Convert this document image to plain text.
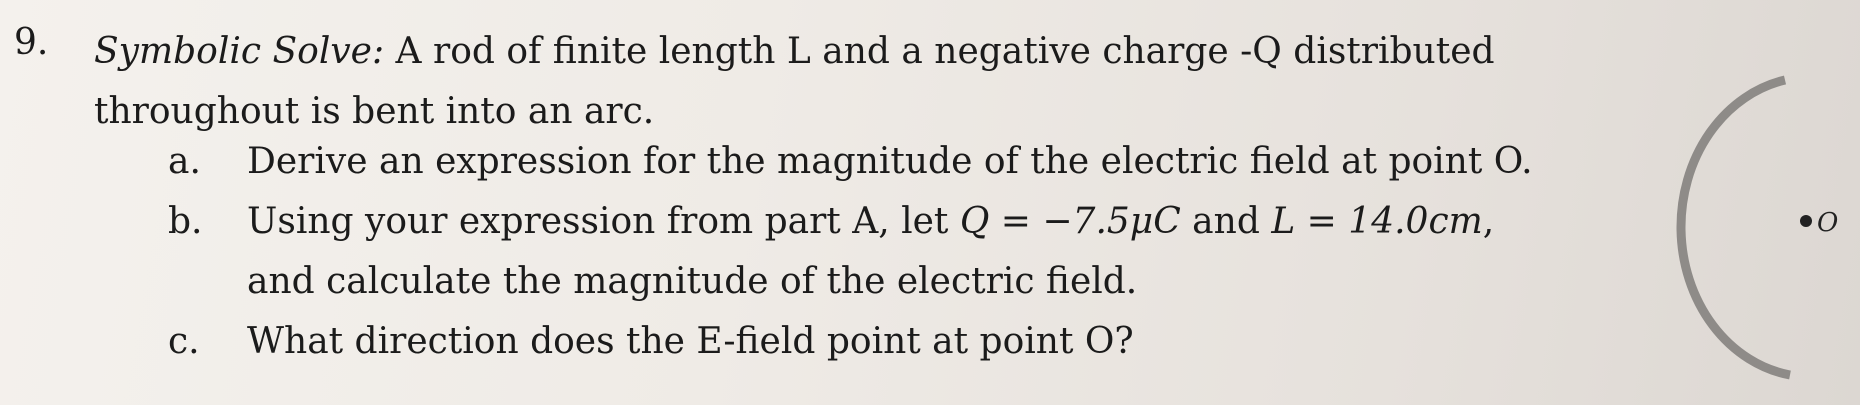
9. Symbolic Solve: A rod of finite length L and a negative charge -Q distributed
throughout is bent into an arc.
a. Derive an expression for the magnitude of the electric field at point O.
b. Using your expression from part A, let Q = −7.5μC and L = 14.0cm,
and calculate the magnitude of the electric field.
c. What direction does the E-field point at point O?
O
